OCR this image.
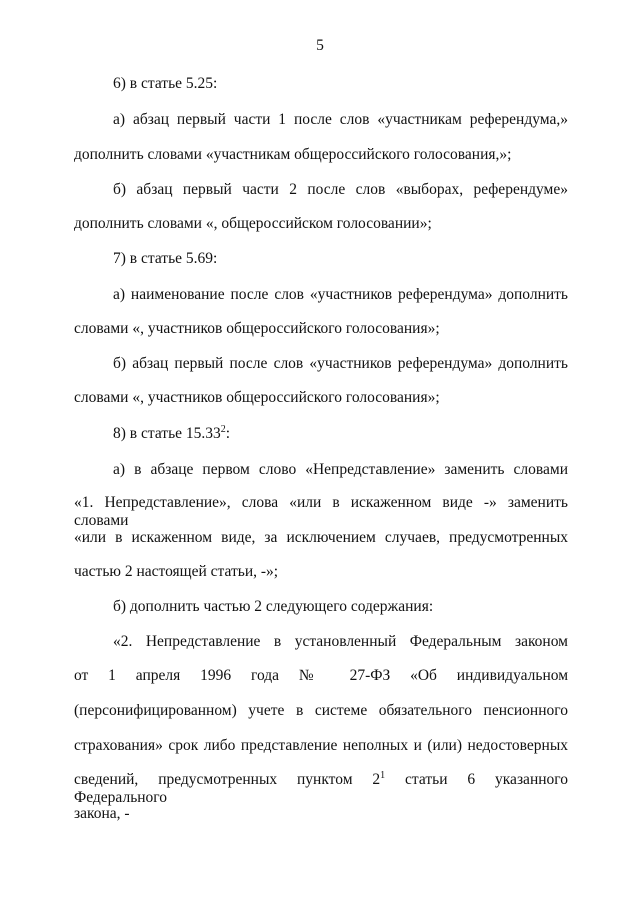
5
6) в статье 5.25:
а) абзац первый части 1 после слов «участникам референдума,»
дополнить словами «участникам общероссийского голосования,»;
б) абзац первый части 2 после слов «выборах, референдуме»
дополнить словами «, общероссийском голосовании»;
7) в статье 5.69:
а) наименование после слов «участников референдума» дополнить
словами «, участников общероссийского голосования»;
б) абзац первый после слов «участников референдума» дополнить
словами «, участников общероссийского голосования»;
8) в статье 15.33$^2$:
а) в абзаце первом слово «Непредставление» заменить словами
«1. Непредставление», слова «или в искаженном виде -» заменить словами
«или в искаженном виде, за исключением случаев, предусмотренных
частью 2 настоящей статьи, -»;
б) дополнить частью 2 следующего содержания:
«2. Непредставление в установленный Федеральным законом
от 1 апреля 1996 года № 27-ФЗ «Об индивидуальном
(персонифицированном) учете в системе обязательного пенсионного
страхования» срок либо представление неполных и (или) недостоверных
сведений, предусмотренных пунктом $2^1$ статьи 6 указанного Федерального
закона, -
